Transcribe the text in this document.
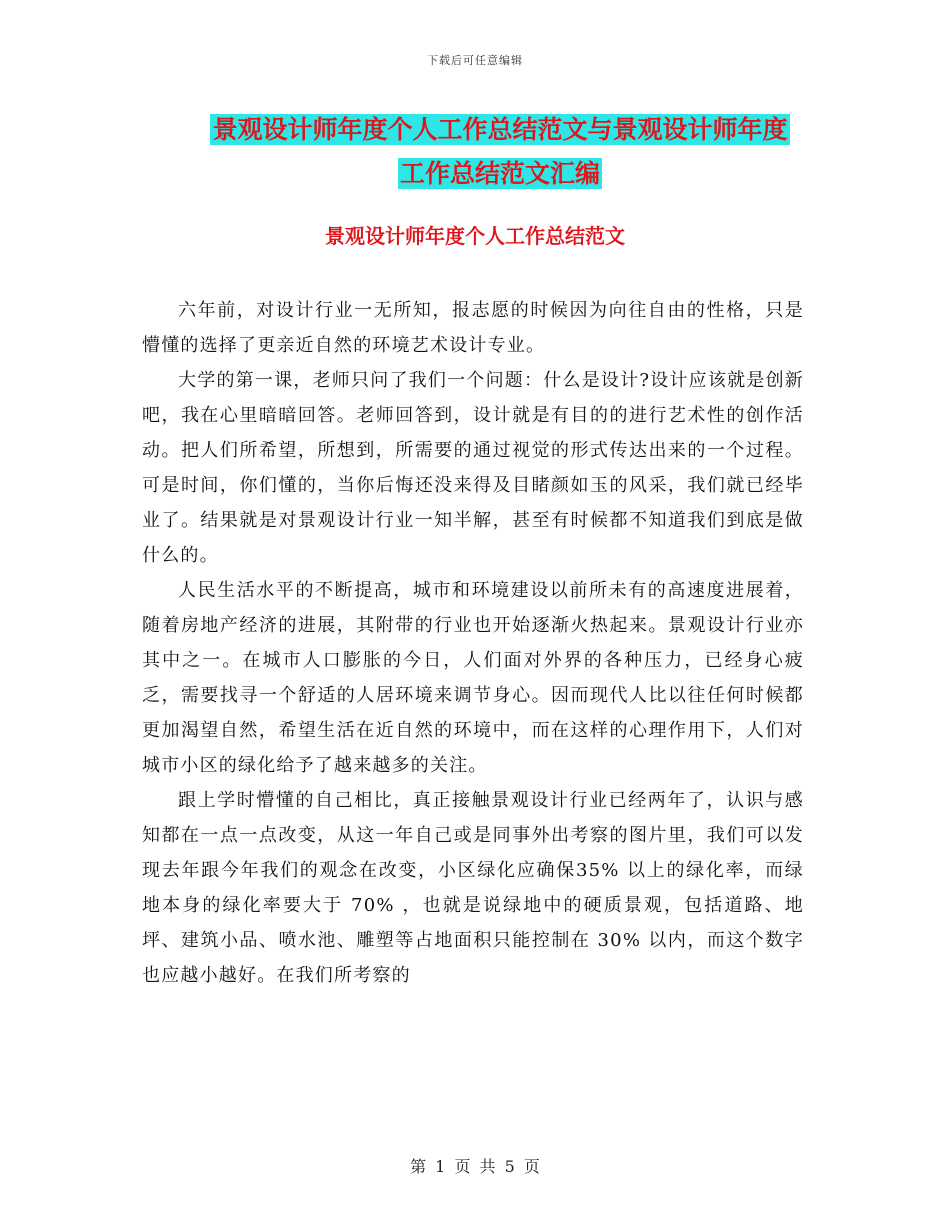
下载后可任意编辑
景观设计师年度个人工作总结范文与景观设计师年度
工作总结范文汇编
景观设计师年度个人工作总结范文

六年前，对设计行业一无所知，报志愿的时候因为向往自由的性格，只是懵懂的选择了更亲近自然的环境艺术设计专业。

大学的第一课，老师只问了我们一个问题：什么是设计?设计应该就是创新吧，我在心里暗暗回答。老师回答到，设计就是有目的的进行艺术性的创作活动。把人们所希望，所想到，所需要的通过视觉的形式传达出来的一个过程。可是时间，你们懂的，当你后悔还没来得及目睹颜如玉的风采，我们就已经毕业了。结果就是对景观设计行业一知半解，甚至有时候都不知道我们到底是做什么的。

人民生活水平的不断提高，城市和环境建设以前所未有的高速度进展着，随着房地产经济的进展，其附带的行业也开始逐渐火热起来。景观设计行业亦其中之一。在城市人口膨胀的今日，人们面对外界的各种压力，已经身心疲乏，需要找寻一个舒适的人居环境来调节身心。因而现代人比以往任何时候都更加渴望自然，希望生活在近自然的环境中，而在这样的心理作用下，人们对城市小区的绿化给予了越来越多的关注。

跟上学时懵懂的自己相比，真正接触景观设计行业已经两年了，认识与感知都在一点一点改变，从这一年自己或是同事外出考察的图片里，我们可以发现去年跟今年我们的观念在改变，小区绿化应确保35% 以上的绿化率，而绿地本身的绿化率要大于 70% ，也就是说绿地中的硬质景观，包括道路、地坪、建筑小品、喷水池、雕塑等占地面积只能控制在 30% 以内，而这个数字也应越小越好。在我们所考察的

第 1 页 共 5 页
